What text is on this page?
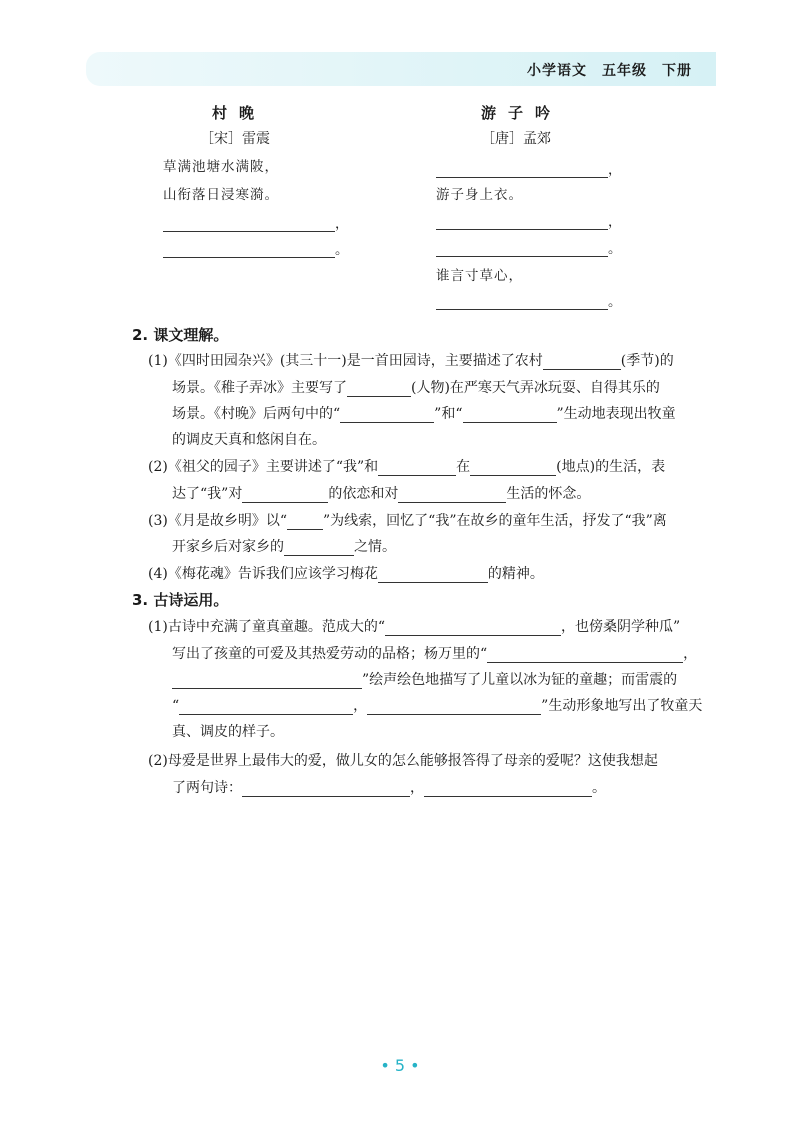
小学语文　五年级　下册
村晚
［宋］雷震
草满池塘水满陂，
山衔落日浸寒漪。
，
。
游子吟
［唐］孟郊
，
游子身上衣。
，
。
谁言寸草心，
。
2. 课文理解。
(1)《四时田园杂兴》(其三十一)是一首田园诗，主要描述了农村	(季节)的
场景。《稚子弄冰》主要写了	(人物)在严寒天气弄冰玩耍、自得其乐的
场景。《村晚》后两句中的“	”和“	”生动地表现出牧童
的调皮天真和悠闲自在。
(2)《祖父的园子》主要讲述了“我”和	在	(地点)的生活，表
达了“我”对	的依恋和对	生活的怀念。
(3)《月是故乡明》以“	”为线索，回忆了“我”在故乡的童年生活，抒发了“我”离
开家乡后对家乡的	之情。
(4)《梅花魂》告诉我们应该学习梅花	的精神。
3. 古诗运用。
(1)古诗中充满了童真童趣。范成大的“	，也傍桑阴学种瓜”
写出了孩童的可爱及其热爱劳动的品格；杨万里的“	，
”绘声绘色地描写了儿童以冰为钲的童趣；而雷震的
“	，	”生动形象地写出了牧童天
真、调皮的样子。
(2)母爱是世界上最伟大的爱，做儿女的怎么能够报答得了母亲的爱呢？这使我想起
了两句诗：	，	。
• 5 •
